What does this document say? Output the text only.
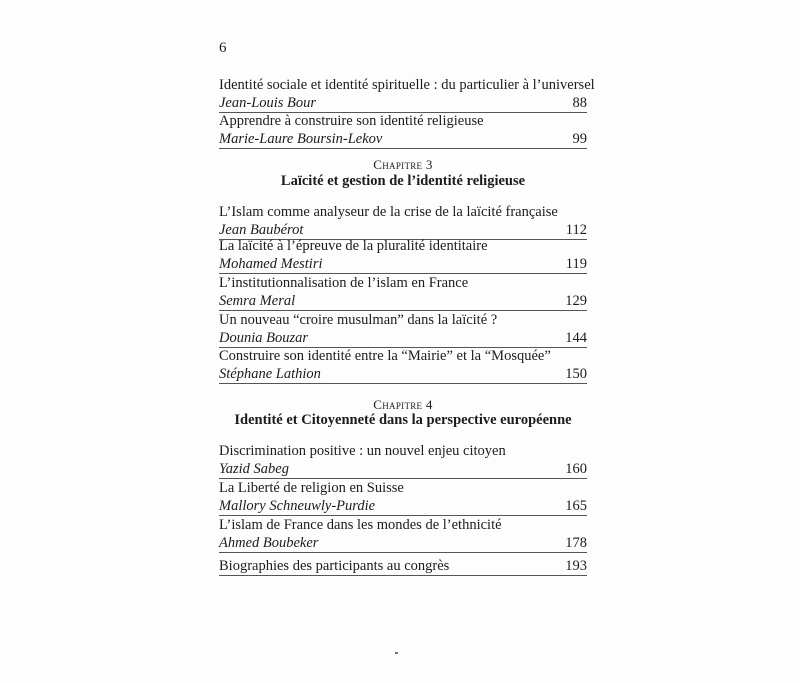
6
Identité sociale et identité spirituelle : du particulier à l’universel
Jean-Louis Bour	88
Apprendre à construire son identité religieuse
Marie-Laure Boursin-Lekov	99
Chapitre 3
Laïcité et gestion de l’identité religieuse
L’Islam comme analyseur de la crise de la laïcité française
Jean Baubérot	112
La laïcité à l’épreuve de la pluralité identitaire
Mohamed Mestiri	119
L’institutionnalisation de l’islam en France
Semra Meral	129
Un nouveau “croire musulman” dans la laïcité ?
Dounia Bouzar	144
Construire son identité entre la “Mairie” et la “Mosquée”
Stéphane Lathion	150
Chapitre 4
Identité et Citoyenneté dans la perspective européenne
Discrimination positive : un nouvel enjeu citoyen
Yazid Sabeg	160
La Liberté de religion en Suisse
Mallory Schneuwly-Purdie	165
L’islam de France dans les mondes de l’ethnicité
Ahmed Boubeker	178
Biographies des participants au congrès	193
